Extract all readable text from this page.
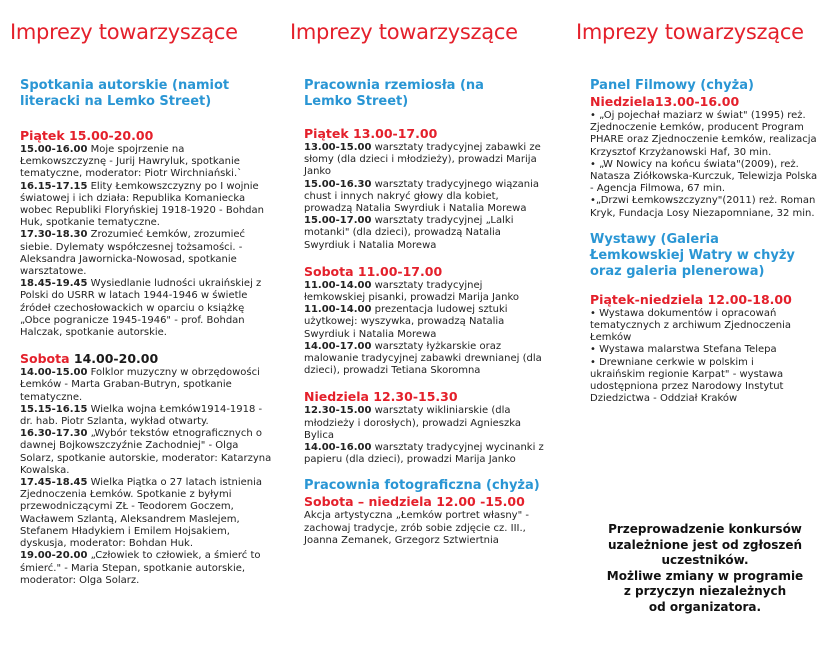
Imprezy towarzyszące
Spotkania autorskie (namiot literacki na Lemko Street)
Piątek 15.00-20.00
15.00-16.00 Moje spojrzenie na Łemkowszczyznę - Jurij Hawryluk, spotkanie tematyczne, moderator: Piotr Wirchniański.`
16.15-17.15 Elity Łemkowszczyzny po I wojnie światowej i ich działa: Republika Komaniecka wobec Republiki Floryńskiej 1918-1920 - Bohdan Huk, spotkanie tematyczne.
17.30-18.30 Zrozumieć Łemków, zrozumieć siebie. Dylematy współczesnej tożsamości. - Aleksandra Jawornicka-Nowosad, spotkanie warsztatowe.
18.45-19.45 Wysiedlanie ludności ukraińskiej z Polski do USRR w latach 1944-1946 w świetle źródeł czechosłowackich w oparciu o książkę „Obce pogranicze 1945-1946" - prof. Bohdan Halczak, spotkanie autorskie.
Sobota 14.00-20.00
14.00-15.00 Folklor muzyczny w obrzędowości Łemków - Marta Graban-Butryn, spotkanie tematyczne.
15.15-16.15 Wielka wojna Łemków1914-1918 - dr. hab. Piotr Szlanta, wykład otwarty.
16.30-17.30 „Wybór tekstów etnograficznych o dawnej Bojkowszczyźnie Zachodniej" - Olga Solarz, spotkanie autorskie, moderator: Katarzyna Kowalska.
17.45-18.45 Wielka Piątka o 27 latach istnienia Zjednoczenia Łemków. Spotkanie z byłymi przewodniczącymi ZŁ - Teodorem Goczem, Wacławem Szlantą, Aleksandrem Maslejem, Stefanem Hładykiem i Emilem Hojsakiem, dyskusja, moderator: Bohdan Huk.
19.00-20.00 „Człowiek to człowiek, a śmierć to śmierć." - Maria Stepan, spotkanie autorskie, moderator: Olga Solarz.
Imprezy towarzyszące
Pracownia rzemiosła (na Lemko Street)
Piątek 13.00-17.00
13.00-15.00 warsztaty tradycyjnej zabawki ze słomy (dla dzieci i młodzieży), prowadzi Marija Janko
15.00-16.30 warsztaty tradycyjnego wiązania chust i innych nakryć głowy dla kobiet, prowadzą Natalia Swyrdiuk i Natalia Morewa
15.00-17.00 warsztaty tradycyjnej „Lalki motanki" (dla dzieci), prowadzą Natalia Swyrdiuk i Natalia Morewa
Sobota 11.00-17.00
11.00-14.00 warsztaty tradycyjnej łemkowskiej pisanki, prowadzi Marija Janko
11.00-14.00 prezentacja ludowej sztuki użytkowej: wyszywka, prowadzą Natalia Swyrdiuk i Natalia Morewa
14.00-17.00 warsztaty łyżkarskie oraz malowanie tradycyjnej zabawki drewnianej (dla dzieci), prowadzi Tetiana Skoromna
Niedziela 12.30-15.30
12.30-15.00 warsztaty wikliniarskie (dla młodzieży i dorosłych), prowadzi Agnieszka Bylica
14.00-16.00 warsztaty tradycyjnej wycinanki z papieru (dla dzieci), prowadzi Marija Janko
Pracownia fotograficzna (chyża)
Sobota – niedziela 12.00 -15.00
Akcja artystyczna „Łemków portret własny" - zachowaj tradycje, zrób sobie zdjęcie cz. III., Joanna Zemanek, Grzegorz Sztwiertnia
Imprezy towarzyszące
Panel Filmowy (chyża)
Niedziela13.00-16.00
• „Oj pojechał maziarz w świat" (1995) reż. Zjednoczenie Łemków, producent Program PHARE oraz Zjednoczenie Łemków, realizacja Krzysztof Krzyżanowski Haf, 30 min.
• „W Nowicy na końcu świata"(2009), reż. Natasza Ziółkowska-Kurczuk, Telewizja Polska - Agencja Filmowa, 67 min.
•„Drzwi Łemkowszczyzny"(2011) reż. Roman Kryk, Fundacja Losy Niezapomniane, 32 min.
Wystawy (Galeria Łemkowskiej Watry w chyży oraz galeria plenerowa)
Piątek-niedziela 12.00-18.00
• Wystawa dokumentów i opracowań tematycznych z archiwum Zjednoczenia Łemków
• Wystawa malarstwa Stefana Telepa
• Drewniane cerkwie w polskim i ukraińskim regionie Karpat" - wystawa udostępniona przez Narodowy Instytut Dziedzictwa - Oddział Kraków
Przeprowadzenie konkursów
uzależnione jest od zgłoszeń
uczestników.
Możliwe zmiany w programie
z przyczyn niezależnych
od organizatora.
